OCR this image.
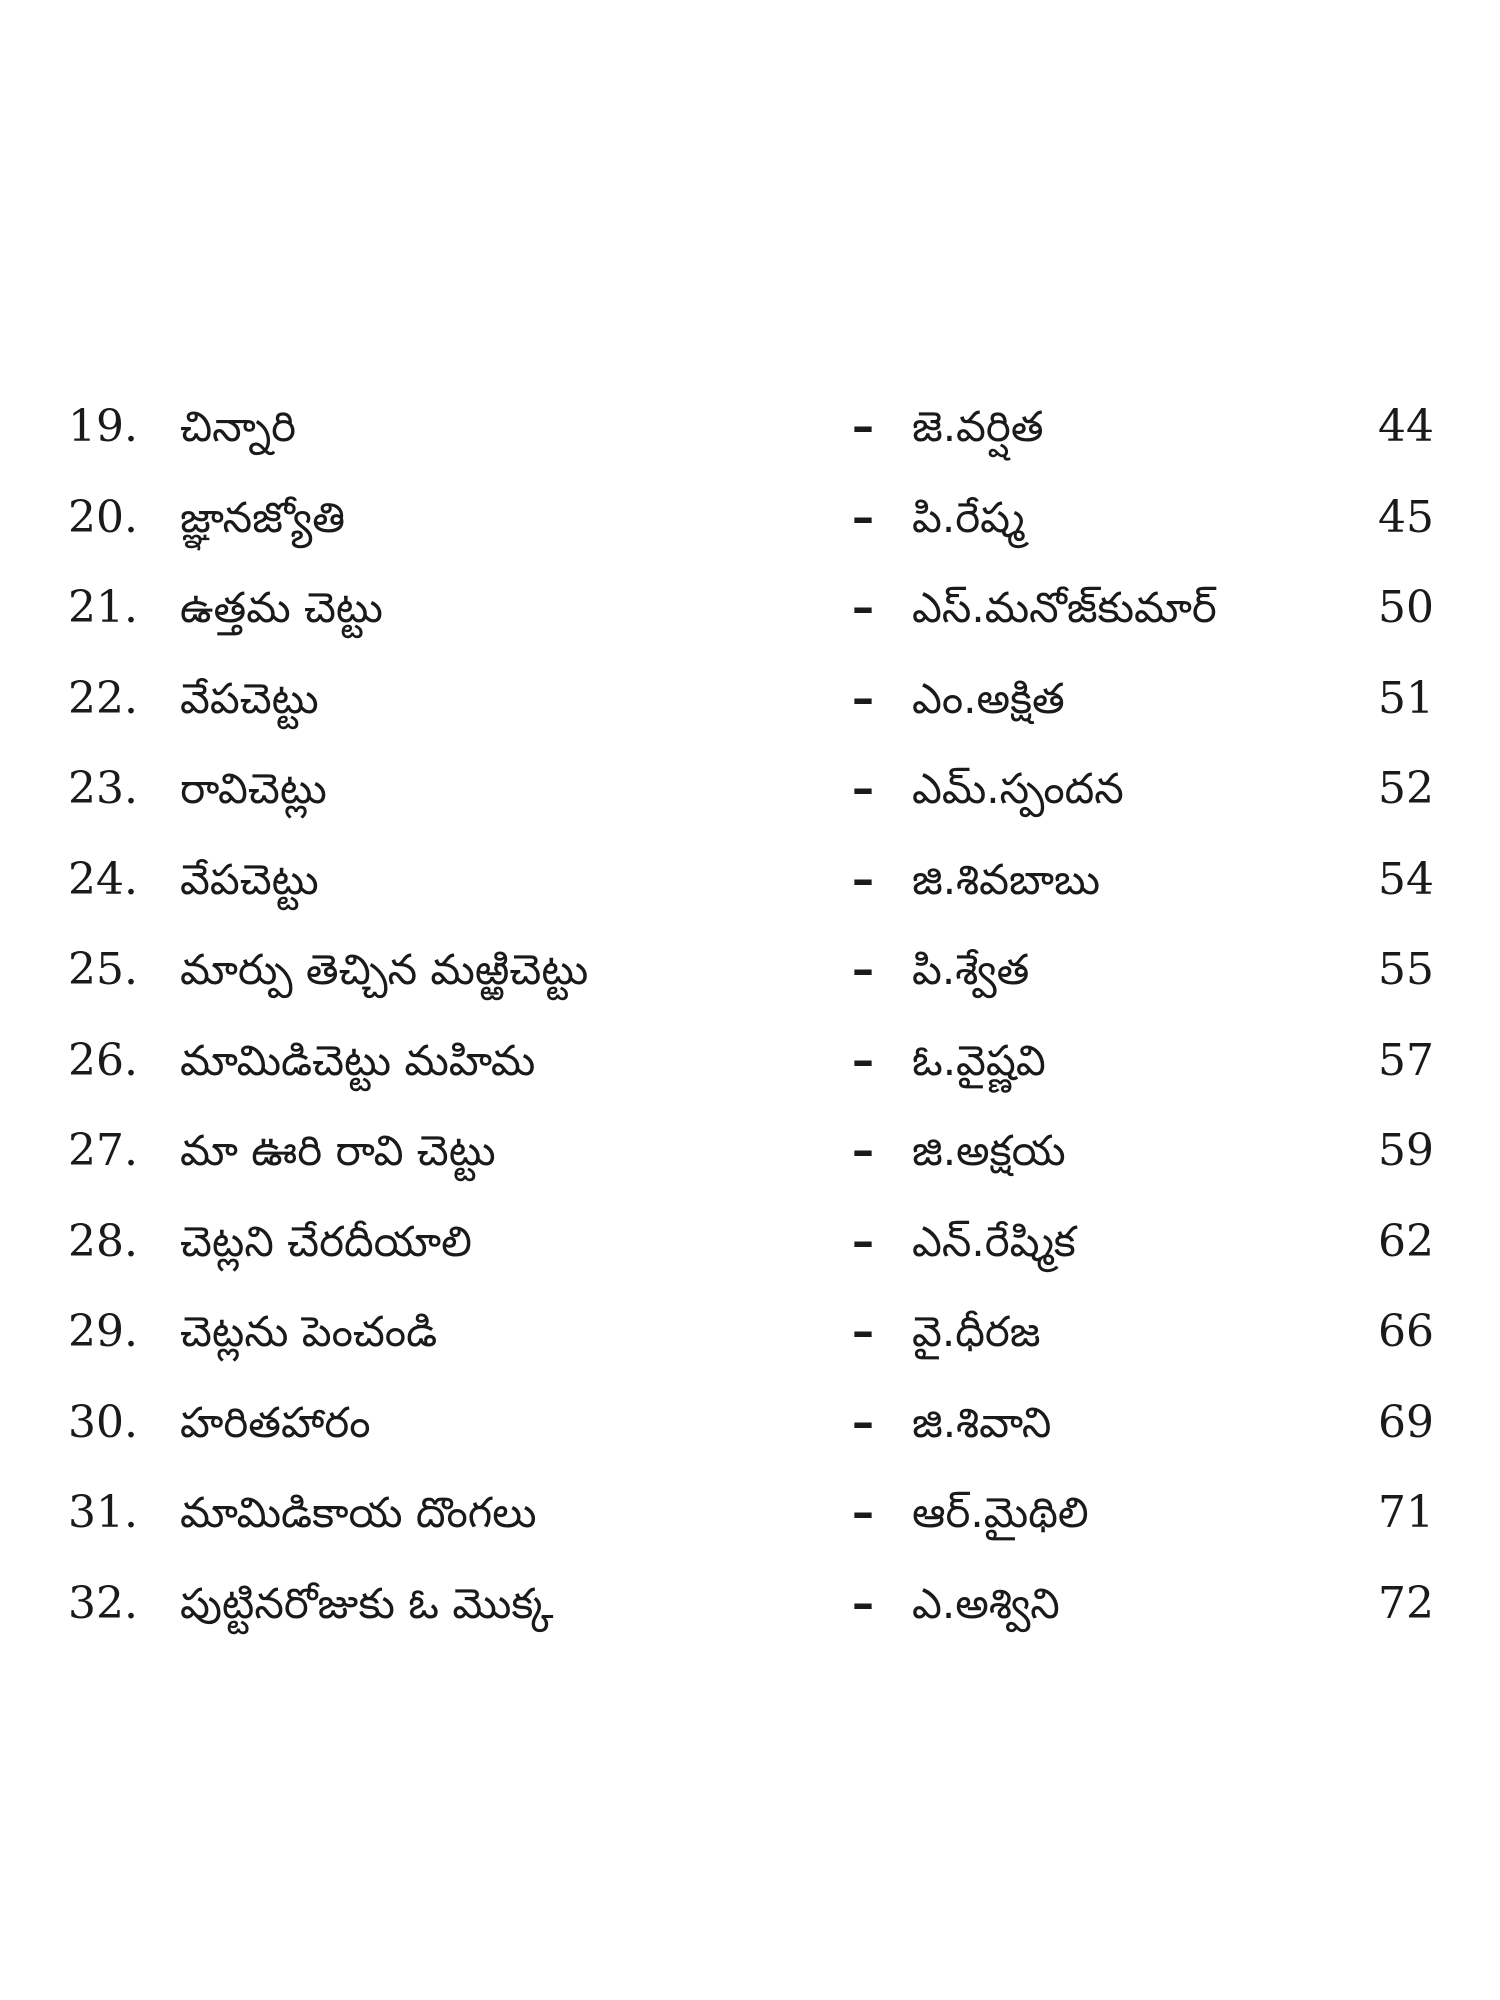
19.	చిన్నారి	– జె.వర్షిత	44
20.	జ్ఞానజ్యోతి	– పి.రేష్మ	45
21.	ఉత్తమ చెట్టు	– ఎస్.మనోజ్‌కుమార్	50
22.	వేపచెట్టు	– ఎం.అక్షిత	51
23.	రావిచెట్లు	– ఎమ్.స్పందన	52
24.	వేపచెట్టు	– జి.శివబాబు	54
25.	మార్పు తెచ్చిన మఱ్ఱిచెట్టు	– పి.శ్వేత	55
26.	మామిడిచెట్టు మహిమ	– ఓ.వైష్ణవి	57
27.	మా ఊరి రావి చెట్టు	– జి.అక్షయ	59
28.	చెట్లని చేరదీయాలి	– ఎన్.రేష్మిక	62
29.	చెట్లను పెంచండి	– వై.ధీరజ	66
30.	హరితహారం	– జి.శివాని	69
31.	మామిడికాయ దొంగలు	– ఆర్.మైథిలి	71
32.	పుట్టినరోజుకు ఓ మొక్క	– ఎ.అశ్విని	72
